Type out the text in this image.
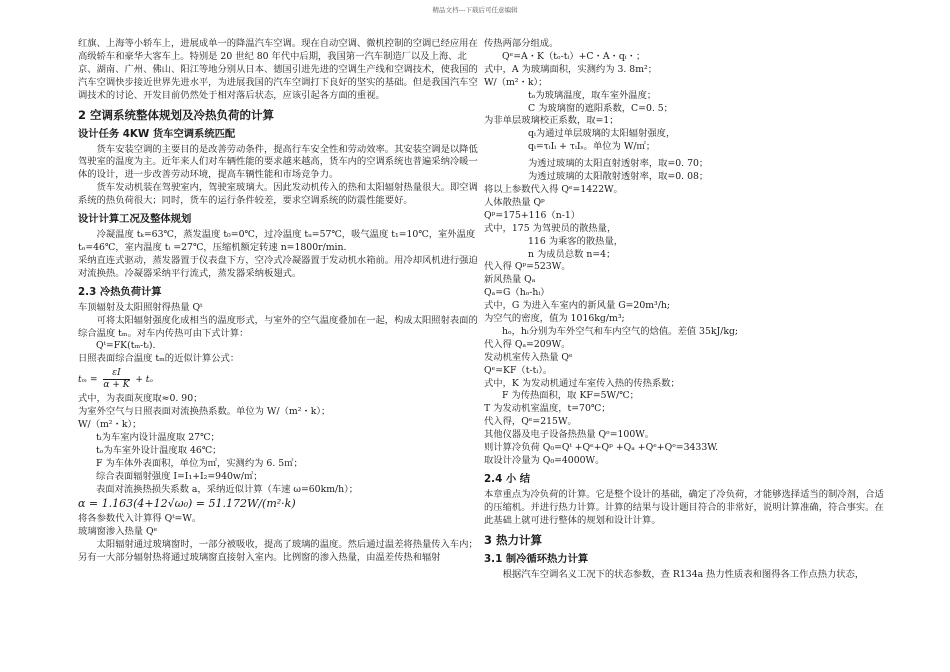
精品文档---下载后可任意编辑

红旗、上海等小轿车上，进展成单一的降温汽车空调。现在自动空调、微机控制的空调已经应用在高级轿车和豪华大客车上。特别是 20 世纪 80 年代中后期，我国第一汽车制造厂以及上海、北京、湖南、广州、佛山、阳江等地分别从日本、德国引进先进的空调生产线和空调技术，使我国的汽车空调快步接近世界先进水平，为进展我国的汽车空调打下良好的坚实的基础。但是我国汽车空调技术的讨论、开发目前仍然处于相对落后状态，应该引起各方面的重视。

2 空调系统整体规划及冷热负荷的计算
设计任务 4KW 货车空调系统匹配

货车安装空调的主要目的是改善劳动条件，提高行车安全性和劳动效率。其安装空调是以降低驾驶室的温度为主。近年来人们对车辆性能的要求越来越高，货车内的空调系统也普遍采纳冷暖一体的设计，进一步改善劳动环境，提高车辆性能和市场竞争力。

货车发动机装在驾驶室内，驾驶室玻璃大。因此发动机传入的热和太阳辐射热量很大。即空调系统的热负荷很大；同时，货车的运行条件较差，要求空调系统的防震性能要好。

设计计算工况及整体规划

冷凝温度 tₖ=63℃，蒸发温度 t₀=0℃，过冷温度 tᵤ=57℃，吸气温度 t₁=10℃，室外温度 tₒ=46℃，室内温度 tᵢ =27℃，压缩机额定转速 n=1800r/min.

采纳直连式驱动，蒸发器置于仪表盘下方，空冷式冷凝器置于发动机水箱前。用冷却风机进行强迫对流换热。冷凝器采纳平行流式，蒸发器采纳板翅式。

2.3 冷热负荷计算

车顶辐射及太阳照射得热量 Qᵗ

可将太阳辐射强度化成相当的温度形式，与室外的空气温度叠加在一起，构成太阳照射表面的综合温度 tₘ。对车内传热可由下式计算：

Qᵗ=FK(tₘ-tᵢ).

日照表面综合温度 tₘ的近似计算公式：

$t_m = \frac{\varepsilon I}{\alpha + K} + t_o$

式中，为表面灰度取≈0. 90；

为室外空气与日照表面对流换热系数。单位为 W/（m²・k）；

W/（m²・k）；

tᵢ为车室内设计温度取 27℃；

tₒ为车室外设计温度取 46℃；

F 为车体外表面积，单位为㎡，实测约为 6. 5㎡；

综合表面辐射强度 I=I₁+I₂=940w/㎡；

表面对流换热损失系数 a，采纳近似计算（车速 ω=60km/h）；

α = 1.163(4+12√ω₀) = 51.172W/(m²·k)

将各参数代入计算得 Qᵗ=W。

玻璃窗渗入热量 Qᵉ

太阳辐射通过玻璃窗时，一部分被吸收，提高了玻璃的温度。然后通过温差将热量传入车内；另有一大部分辐射热将通过玻璃窗直接射入室内。比例窗的渗入热量，由温差传热和辐射

传热两部分组成。

Qᵉ=A・K（tₒ-tᵢ）+C・A・qᵢ・；

式中，A 为玻璃面积，实测约为 3. 8m²；

W/（m²・k）；

tₒ为玻璃温度，取车室外温度；

C 为玻璃窗的遮阳系数，C=0. 5；

为非单层玻璃校正系数，取=1；

qᵢ为通过单层玻璃的太阳辐射强度，

qᵢ=τᵢIᵢ + τᵢIₛ。单位为 W/㎡；

为透过玻璃的太阳直射透射率，取=0. 70；

为透过玻璃的太阳散射透射率，取=0. 08；

将以上参数代入得 Qᵉ=1422W。

人体散热量 Qᵖ

Qᵖ=175+116（n-1）

式中，175 为驾驶员的散热量，

116 为乘客的散热量，

n 为成员总数 n=4；

代入得 Qᵖ=523W。

新风热量 Qₐ

Qₐ=G（hₒ-hᵢ）

式中，G 为进入车室内的新风量 G=20m³/h;

为空气的密度，值为 1016kg/m³;

hₒ，hᵢ分别为车外空气和车内空气的焓值。差值 35kJ/kg;

代入得 Qₐ=209W。

发动机室传入热量 Qᵉ

Qᵉ=KF（t-tᵢ）。

式中，K 为发动机通过车室传入热的传热系数；

F 为传热面积，取 KF=5W/℃；

T 为发动机室温度，t=70℃；

代入得，Qᵉ=215W。

其他仪器及电子设备热热量 Qᵒ=100W。

则计算冷负荷 Q₀=Qᵗ +Qᵉ+Qᵖ +Qₐ +Qᵉ+Qᵒ=3433W.

取设计冷量为 Q₀=4000W。

2.4 小 结

本章重点为冷负荷的计算。它是整个设计的基础，确定了冷负荷，才能够选择适当的制冷剂，合适的压缩机。并进行热力计算。计算的结果与设计题目符合的非常好，说明计算准确，符合事实。在此基础上就可进行整体的规划和设计计算。

3 热力计算
3.1 制冷循环热力计算

根据汽车空调名义工况下的状态参数，查 R134a 热力性质表和图得各工作点热力状态，
